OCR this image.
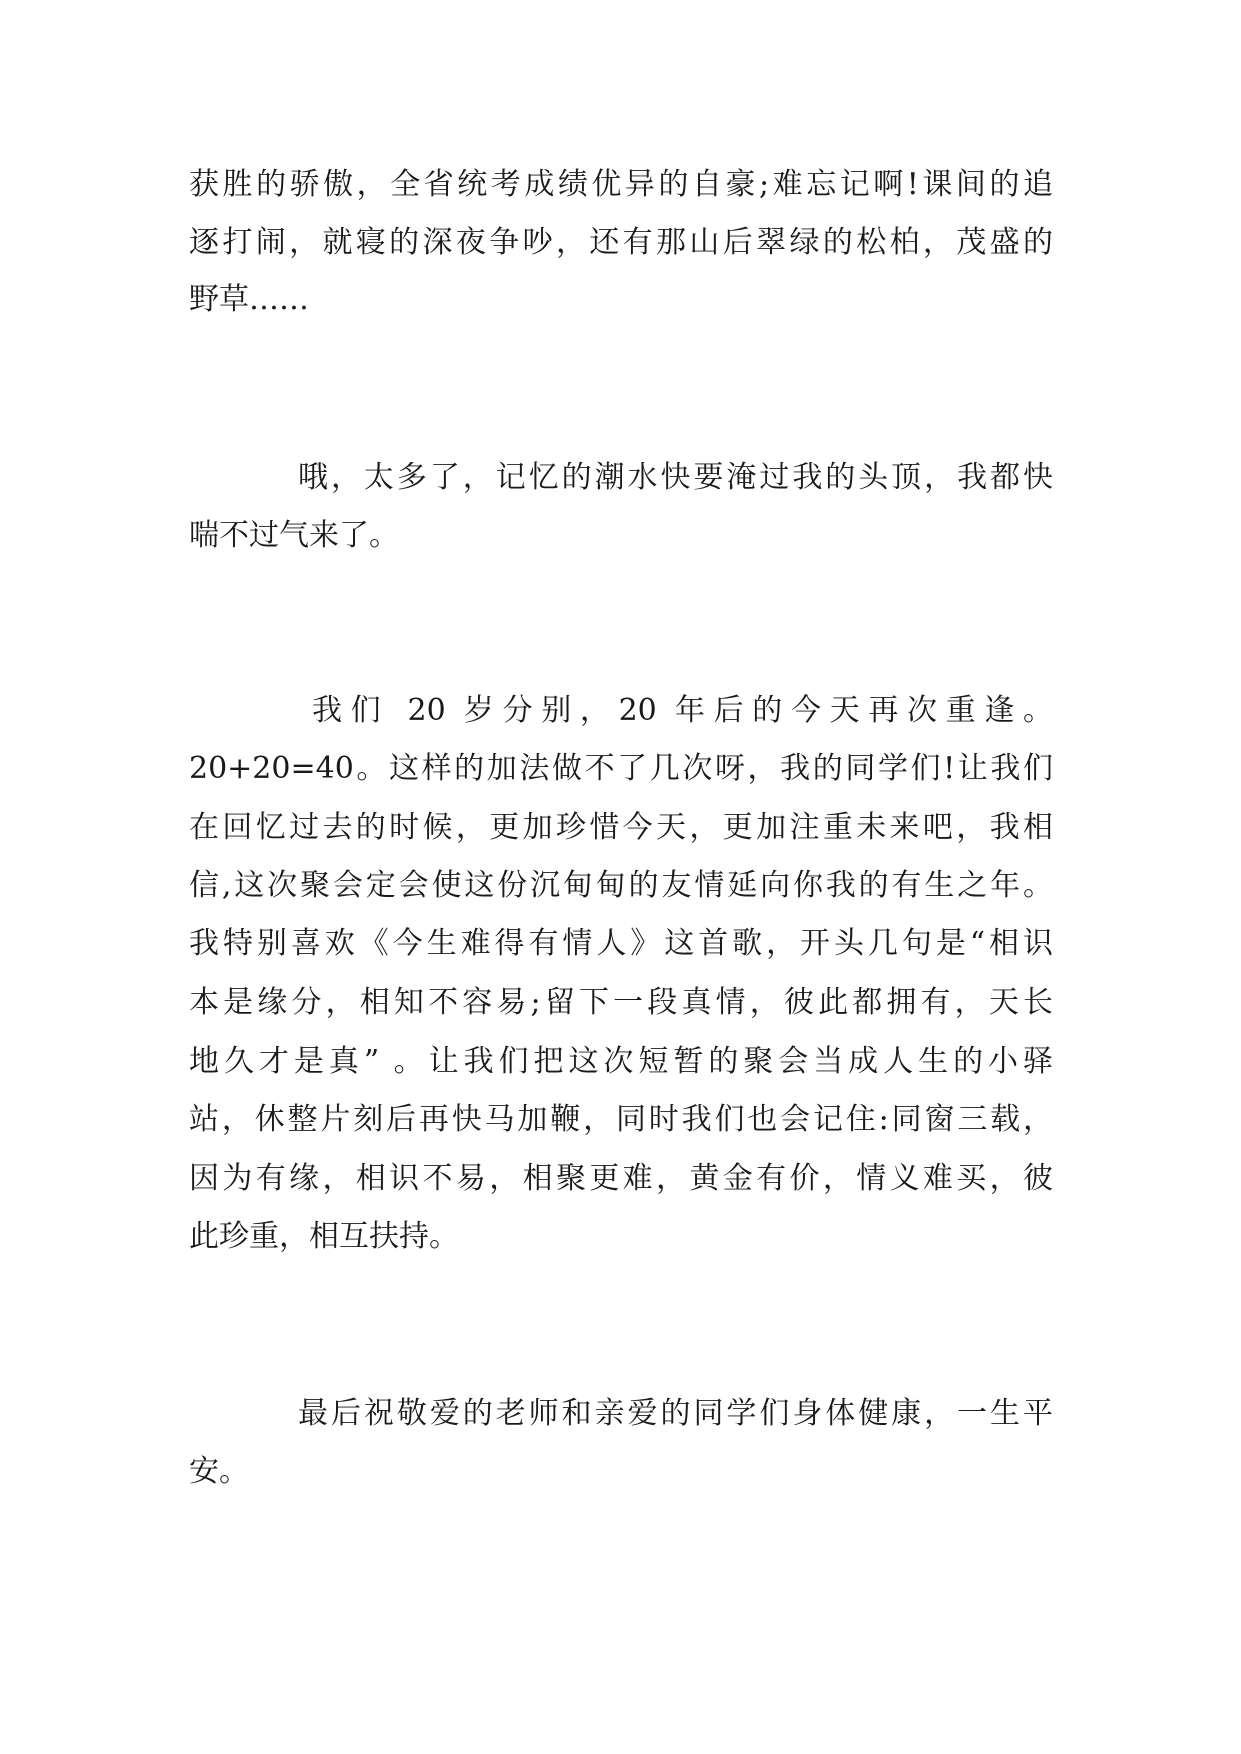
获胜的骄傲，全省统考成绩优异的自豪;难忘记啊!课间的追
逐打闹，就寝的深夜争吵，还有那山后翠绿的松柏，茂盛的
野草……
哦，太多了，记忆的潮水快要淹过我的头顶，我都快
喘不过气来了。
我们 20 岁分别，20 年后的今天再次重逢。
20+20=40。这样的加法做不了几次呀，我的同学们!让我们
在回忆过去的时候，更加珍惜今天，更加注重未来吧，我相
信,这次聚会定会使这份沉甸甸的友情延向你我的有生之年。
我特别喜欢《今生难得有情人》这首歌，开头几句是“相识
本是缘分，相知不容易;留下一段真情，彼此都拥有，天长
地久才是真” 。让我们把这次短暂的聚会当成人生的小驿
站，休整片刻后再快马加鞭，同时我们也会记住:同窗三载，
因为有缘，相识不易，相聚更难，黄金有价，情义难买，彼
此珍重，相互扶持。
最后祝敬爱的老师和亲爱的同学们身体健康，一生平
安。
